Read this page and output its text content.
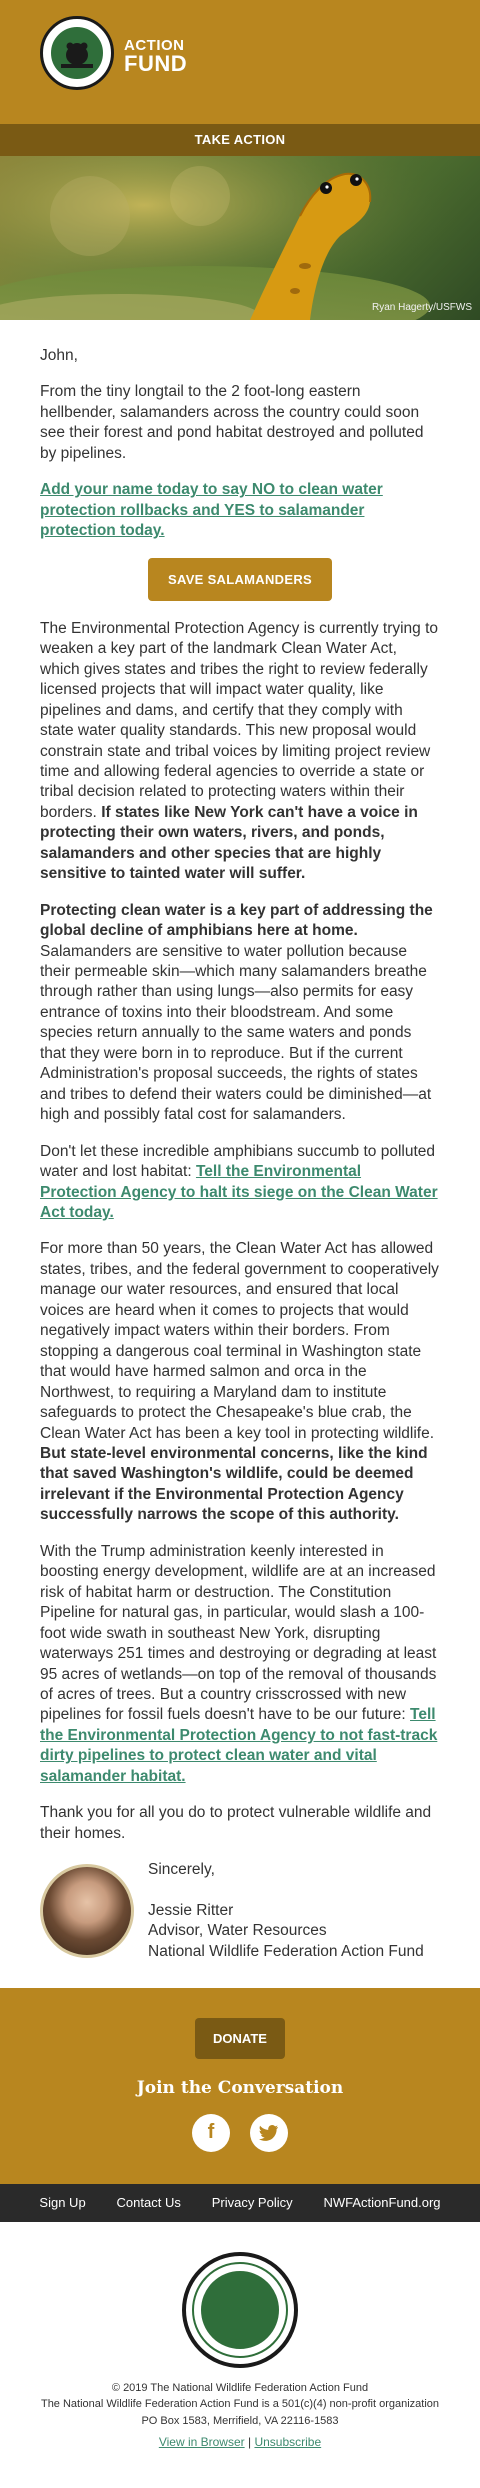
ACTION
FUND
TAKE ACTION
Ryan Hagerty/USFWS

John,

From the tiny longtail to the 2 foot-long eastern hellbender, salamanders across the country could soon see their forest and pond habitat destroyed and polluted by pipelines.

Add your name today to say NO to clean water protection rollbacks and YES to salamander protection today.

SAVE SALAMANDERS

The Environmental Protection Agency is currently trying to weaken a key part of the landmark Clean Water Act, which gives states and tribes the right to review federally licensed projects that will impact water quality, like pipelines and dams, and certify that they comply with state water quality standards. This new proposal would constrain state and tribal voices by limiting project review time and allowing federal agencies to override a state or tribal decision related to protecting waters within their borders. If states like New York can't have a voice in protecting their own waters, rivers, and ponds, salamanders and other species that are highly sensitive to tainted water will suffer.

Protecting clean water is a key part of addressing the global decline of amphibians here at home. Salamanders are sensitive to water pollution because their permeable skin—which many salamanders breathe through rather than using lungs—also permits for easy entrance of toxins into their bloodstream. And some species return annually to the same waters and ponds that they were born in to reproduce. But if the current Administration's proposal succeeds, the rights of states and tribes to defend their waters could be diminished—at high and possibly fatal cost for salamanders.

Don't let these incredible amphibians succumb to polluted water and lost habitat: Tell the Environmental Protection Agency to halt its siege on the Clean Water Act today.

For more than 50 years, the Clean Water Act has allowed states, tribes, and the federal government to cooperatively manage our water resources, and ensured that local voices are heard when it comes to projects that would negatively impact waters within their borders. From stopping a dangerous coal terminal in Washington state that would have harmed salmon and orca in the Northwest, to requiring a Maryland dam to institute safeguards to protect the Chesapeake's blue crab, the Clean Water Act has been a key tool in protecting wildlife. But state-level environmental concerns, like the kind that saved Washington's wildlife, could be deemed irrelevant if the Environmental Protection Agency successfully narrows the scope of this authority.

With the Trump administration keenly interested in boosting energy development, wildlife are at an increased risk of habitat harm or destruction. The Constitution Pipeline for natural gas, in particular, would slash a 100-foot wide swath in southeast New York, disrupting waterways 251 times and destroying or degrading at least 95 acres of wetlands—on top of the removal of thousands of acres of trees. But a country crisscrossed with new pipelines for fossil fuels doesn't have to be our future: Tell the Environmental Protection Agency to not fast-track dirty pipelines to protect clean water and vital salamander habitat.

Thank you for all you do to protect vulnerable wildlife and their homes.

Sincerely,

Jessie Ritter

Advisor, Water Resources

National Wildlife Federation Action Fund

DONATE
Join the Conversation
f
Sign Up Contact Us Privacy Policy NWFActionFund.org
© 2019 The National Wildlife Federation Action Fund
The National Wildlife Federation Action Fund is a 501(c)(4) non-profit organization
PO Box 1583, Merrifield, VA 22116-1583
View in Browser | Unsubscribe
